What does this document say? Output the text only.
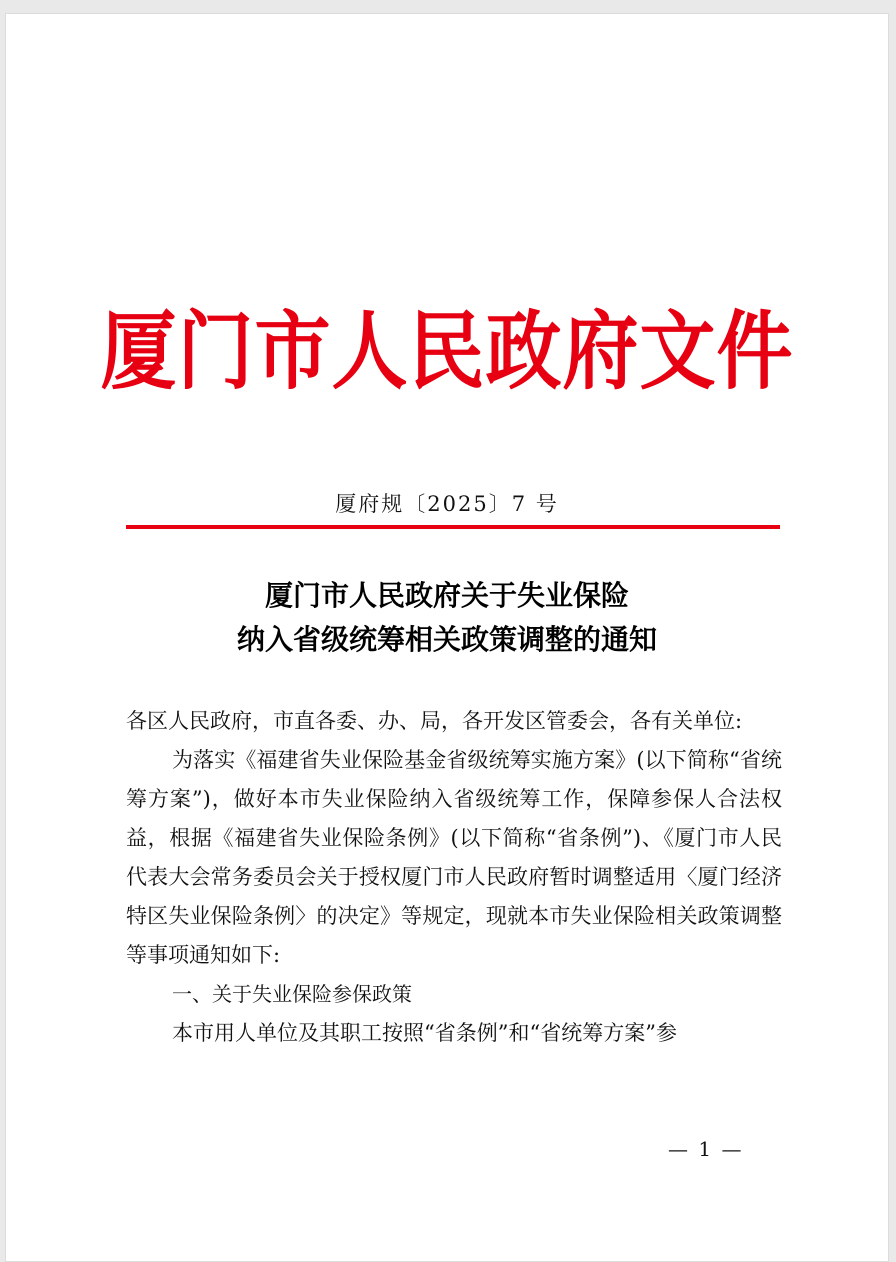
厦门市人民政府文件
厦府规〔2025〕7 号
厦门市人民政府关于失业保险
纳入省级统筹相关政策调整的通知

各区人民政府，市直各委、办、局，各开发区管委会，各有关单位:

为落实《福建省失业保险基金省级统筹实施方案》(以下简称“省统筹方案”)，做好本市失业保险纳入省级统筹工作，保障参保人合法权益，根据《福建省失业保险条例》(以下简称“省条例”)、《厦门市人民代表大会常务委员会关于授权厦门市人民政府暂时调整适用〈厦门经济特区失业保险条例〉的决定》等规定，现就本市失业保险相关政策调整等事项通知如下:

一、关于失业保险参保政策

本市用人单位及其职工按照“省条例”和“省统筹方案”参

— 1 —
